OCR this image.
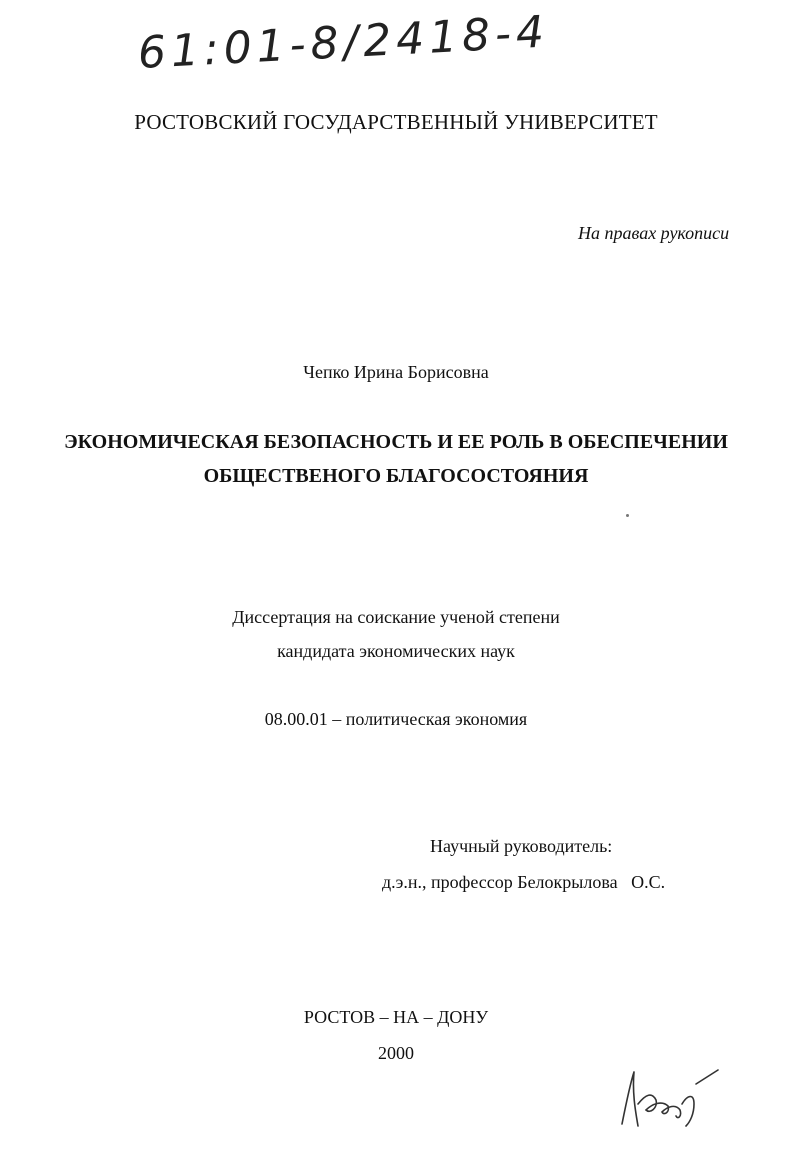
61:01-8/2418-4
РОСТОВСКИЙ ГОСУДАРСТВЕННЫЙ УНИВЕРСИТЕТ
На правах рукописи
Чепко Ирина Борисовна
ЭКОНОМИЧЕСКАЯ БЕЗОПАСНОСТЬ И ЕЕ РОЛЬ В ОБЕСПЕЧЕНИИ
ОБЩЕСТВЕНОГО БЛАГОСОСТОЯНИЯ
Диссертация на соискание ученой степени
кандидата экономических наук
08.00.01 – политическая экономия
Научный руководитель:
д.э.н., профессор Белокрылова   О.С.
РОСТОВ – НА – ДОНУ
2000
